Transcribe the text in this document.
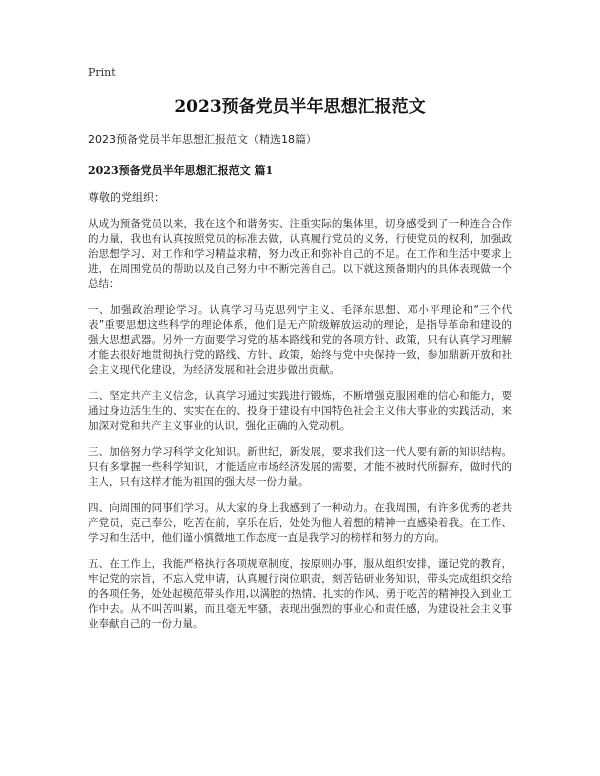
Print
2023预备党员半年思想汇报范文
2023预备党员半年思想汇报范文（精选18篇）
2023预备党员半年思想汇报范文 篇1
尊敬的党组织：

从成为预备党员以来，我在这个和谐务实、注重实际的集体里，切身感受到了一种连合合作的力量，我也有认真按照党员的标准去做，认真履行党员的义务，行使党员的权利，加强政治思想学习、对工作和学习精益求精，努力改正和弥补自己的不足。在工作和生活中要求上进，在周围党员的帮助以及自己努力中不断完善自己。以下就这预备期内的具体表现做一个总结：

一、加强政治理论学习。认真学习马克思列宁主义、毛泽东思想、邓小平理论和“三个代表”重要思想这些科学的理论体系，他们是无产阶级解放运动的理论，是指导革命和建设的强大思想武器。另外一方面要学习党的基本路线和党的各项方针、政策，只有认真学习理解才能去很好地贯彻执行党的路线、方针、政策，始终与党中央保持一致，参加鼎新开放和社会主义现代化建设，为经济发展和社会进步做出贡献。

二、坚定共产主义信念，认真学习通过实践进行锻炼，不断增强克服困难的信心和能力，要通过身边活生生的、实实在在的、投身于建设有中国特色社会主义伟大事业的实践活动，来加深对党和共产主义事业的认识，强化正确的入党动机。

三、加倍努力学习科学文化知识。新世纪，新发展，要求我们这一代人要有新的知识结构。只有多掌握一些科学知识，才能适应市场经济发展的需要，才能不被时代所摒弃，做时代的主人，只有这样才能为祖国的强大尽一份力量。

四、向周围的同事们学习。从大家的身上我感到了一种动力。在我周围，有许多优秀的老共产党员，克己奉公，吃苦在前，享乐在后，处处为他人着想的精神一直感染着我。在工作、学习和生活中，他们谨小慎微地工作态度一直是我学习的榜样和努力的方向。

五、在工作上，我能严格执行各项规章制度，按原则办事，服从组织安排，谨记党的教育，牢记党的宗旨，不忘入党申请，认真履行岗位职责，刻苦钻研业务知识，带头完成组织交给的各项任务，处处起模范带头作用,以满腔的热情、扎实的作风、勇于吃苦的精神投入到业工作中去。从不叫苦叫累，而且毫无牢骚，表现出强烈的事业心和责任感，为建设社会主义事业奉献自己的一份力量。
